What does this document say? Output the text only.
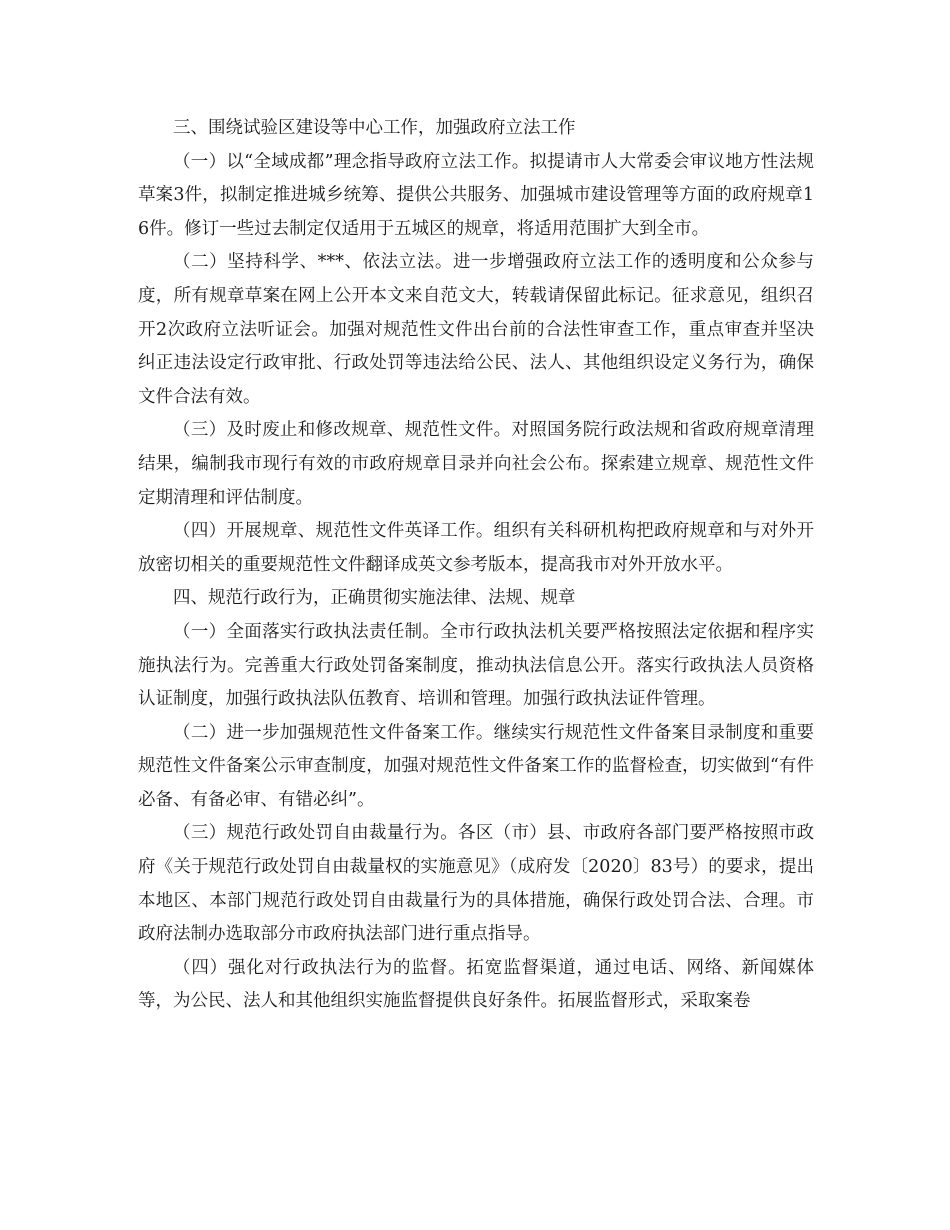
三、围绕试验区建设等中心工作，加强政府立法工作

（一）以“全域成都”理念指导政府立法工作。拟提请市人大常委会审议地方性法规草案3件，拟制定推进城乡统筹、提供公共服务、加强城市建设管理等方面的政府规章16件。修订一些过去制定仅适用于五城区的规章，将适用范围扩大到全市。

（二）坚持科学、***、依法立法。进一步增强政府立法工作的透明度和公众参与度，所有规章草案在网上公开本文来自范文大，转载请保留此标记。征求意见，组织召开2次政府立法听证会。加强对规范性文件出台前的合法性审查工作，重点审查并坚决纠正违法设定行政审批、行政处罚等违法给公民、法人、其他组织设定义务行为，确保文件合法有效。

（三）及时废止和修改规章、规范性文件。对照国务院行政法规和省政府规章清理结果，编制我市现行有效的市政府规章目录并向社会公布。探索建立规章、规范性文件定期清理和评估制度。

（四）开展规章、规范性文件英译工作。组织有关科研机构把政府规章和与对外开放密切相关的重要规范性文件翻译成英文参考版本，提高我市对外开放水平。

四、规范行政行为，正确贯彻实施法律、法规、规章

（一）全面落实行政执法责任制。全市行政执法机关要严格按照法定依据和程序实施执法行为。完善重大行政处罚备案制度，推动执法信息公开。落实行政执法人员资格认证制度，加强行政执法队伍教育、培训和管理。加强行政执法证件管理。

（二）进一步加强规范性文件备案工作。继续实行规范性文件备案目录制度和重要规范性文件备案公示审查制度，加强对规范性文件备案工作的监督检查，切实做到“有件必备、有备必审、有错必纠”。

（三）规范行政处罚自由裁量行为。各区（市）县、市政府各部门要严格按照市政府《关于规范行政处罚自由裁量权的实施意见》（成府发〔2020〕83号）的要求，提出本地区、本部门规范行政处罚自由裁量行为的具体措施，确保行政处罚合法、合理。市政府法制办选取部分市政府执法部门进行重点指导。

（四）强化对行政执法行为的监督。拓宽监督渠道，通过电话、网络、新闻媒体等，为公民、法人和其他组织实施监督提供良好条件。拓展监督形式，采取案卷
